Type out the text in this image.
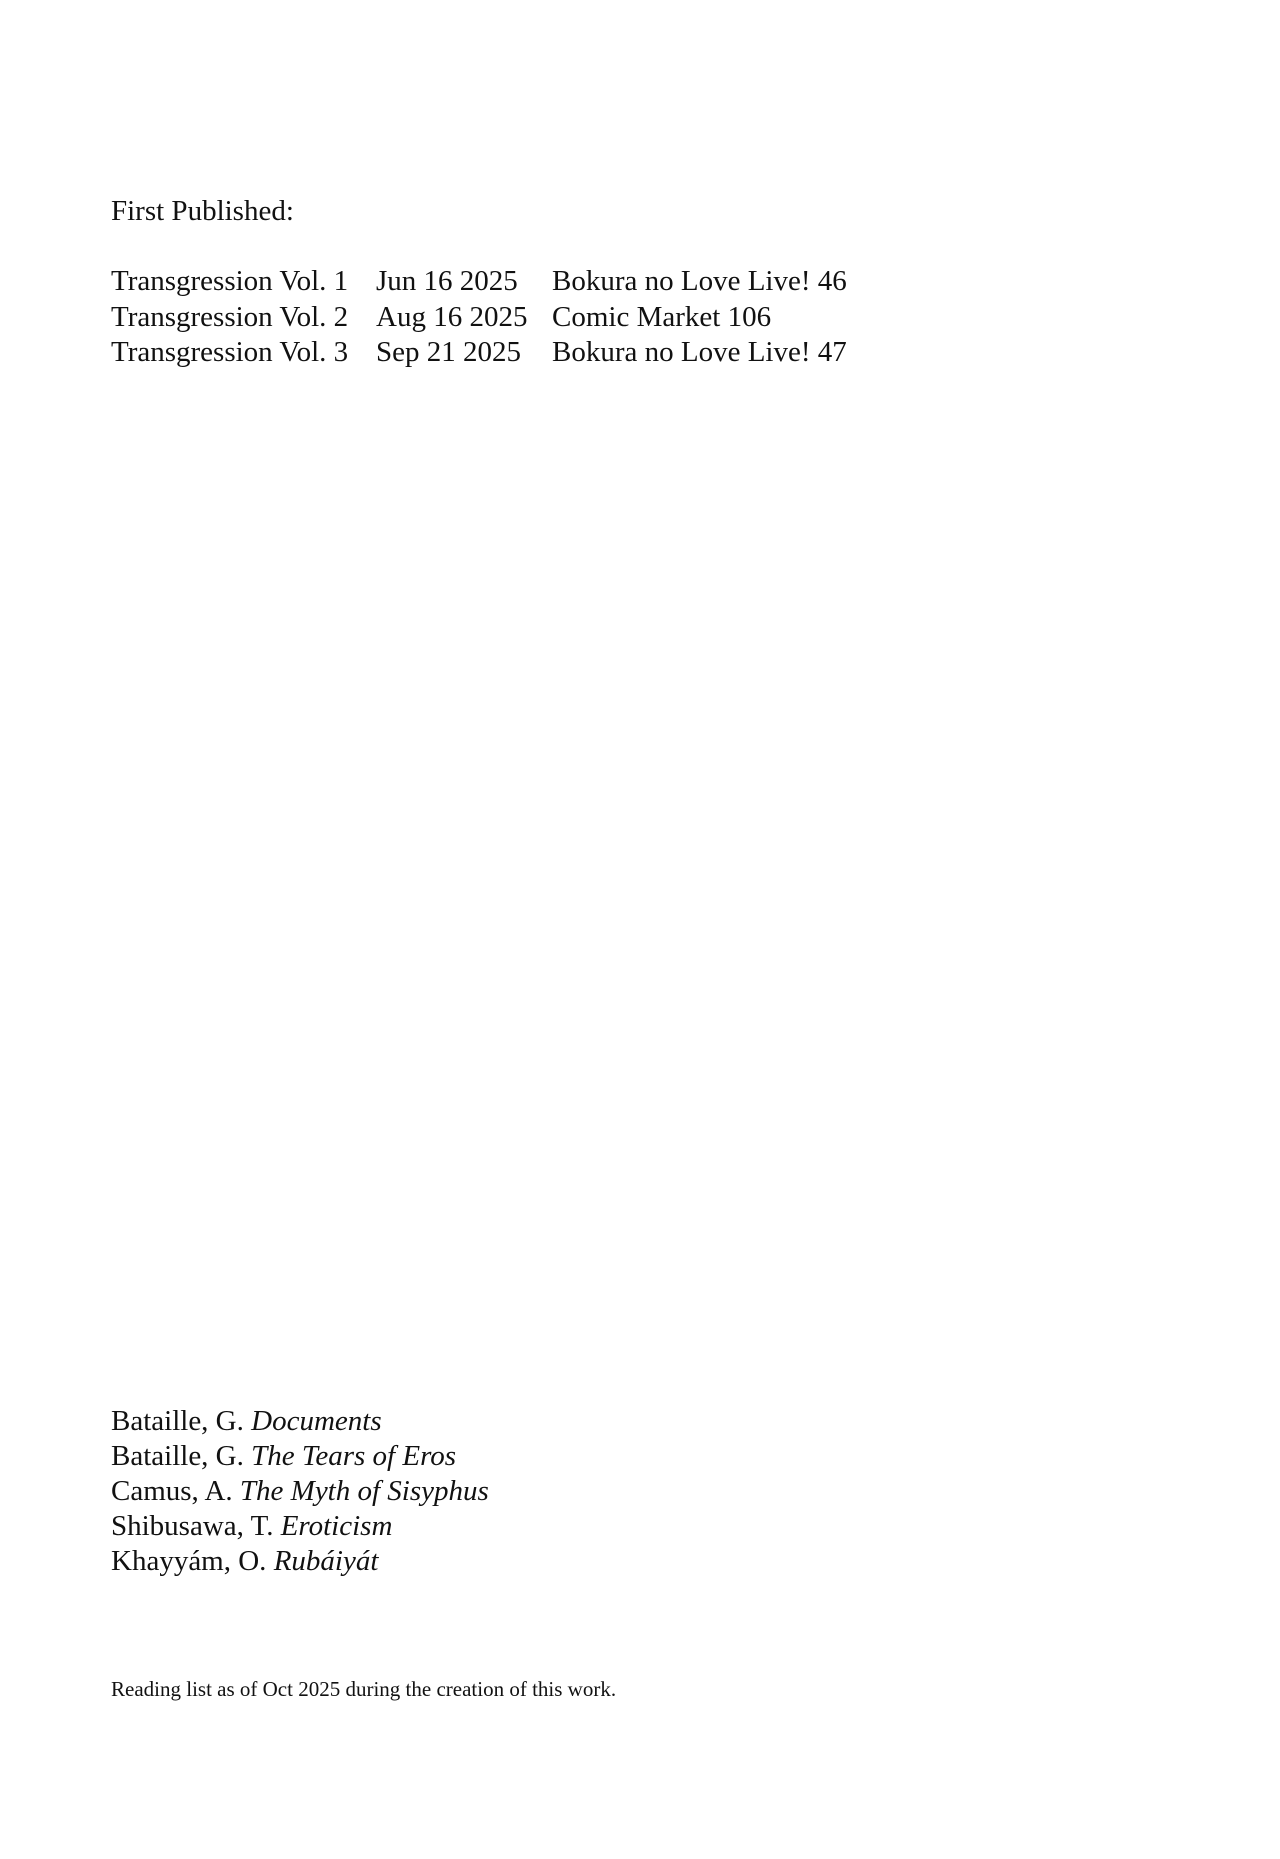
First Published:
Transgression Vol. 1	Jun 16 2025	Bokura no Love Live! 46
Transgression Vol. 2	Aug 16 2025	Comic Market 106
Transgression Vol. 3	Sep 21 2025	Bokura no Love Live! 47
Bataille, G. Documents
Bataille, G. The Tears of Eros
Camus, A. The Myth of Sisyphus
Shibusawa, T. Eroticism
Khayyám, O. Rubáiyát
Reading list as of Oct 2025 during the creation of this work.
